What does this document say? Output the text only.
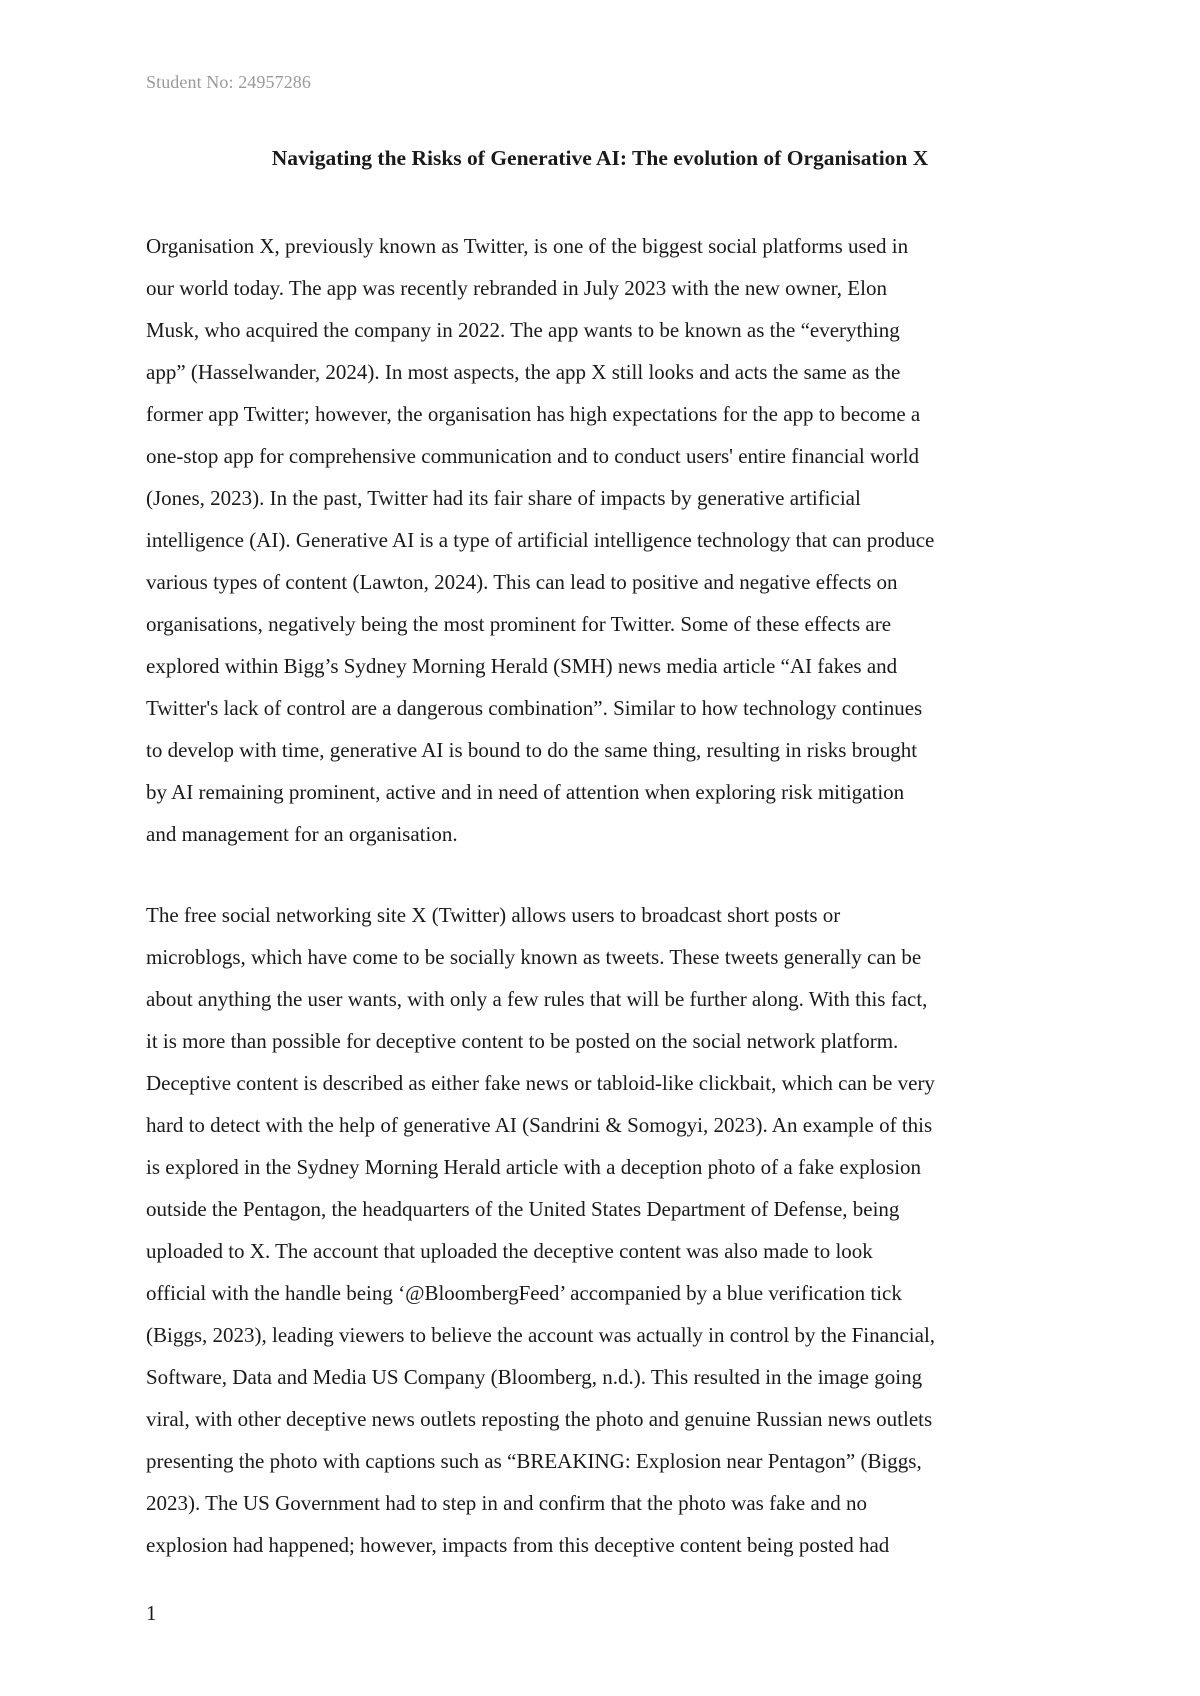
Student No: 24957286
Navigating the Risks of Generative AI: The evolution of Organisation X

Organisation X, previously known as Twitter, is one of the biggest social platforms used in
our world today. The app was recently rebranded in July 2023 with the new owner, Elon
Musk, who acquired the company in 2022. The app wants to be known as the “everything
app” (Hasselwander, 2024). In most aspects, the app X still looks and acts the same as the
former app Twitter; however, the organisation has high expectations for the app to become a
one-stop app for comprehensive communication and to conduct users' entire financial world
(Jones, 2023). In the past, Twitter had its fair share of impacts by generative artificial
intelligence (AI). Generative AI is a type of artificial intelligence technology that can produce
various types of content (Lawton, 2024). This can lead to positive and negative effects on
organisations, negatively being the most prominent for Twitter. Some of these effects are
explored within Bigg’s Sydney Morning Herald (SMH) news media article “AI fakes and
Twitter's lack of control are a dangerous combination”. Similar to how technology continues
to develop with time, generative AI is bound to do the same thing, resulting in risks brought
by AI remaining prominent, active and in need of attention when exploring risk mitigation
and management for an organisation.

The free social networking site X (Twitter) allows users to broadcast short posts or
microblogs, which have come to be socially known as tweets. These tweets generally can be
about anything the user wants, with only a few rules that will be further along. With this fact,
it is more than possible for deceptive content to be posted on the social network platform.
Deceptive content is described as either fake news or tabloid-like clickbait, which can be very
hard to detect with the help of generative AI (Sandrini & Somogyi, 2023). An example of this
is explored in the Sydney Morning Herald article with a deception photo of a fake explosion
outside the Pentagon, the headquarters of the United States Department of Defense, being
uploaded to X. The account that uploaded the deceptive content was also made to look
official with the handle being ‘@BloombergFeed’ accompanied by a blue verification tick
(Biggs, 2023), leading viewers to believe the account was actually in control by the Financial,
Software, Data and Media US Company (Bloomberg, n.d.). This resulted in the image going
viral, with other deceptive news outlets reposting the photo and genuine Russian news outlets
presenting the photo with captions such as “BREAKING: Explosion near Pentagon” (Biggs,
2023). The US Government had to step in and confirm that the photo was fake and no
explosion had happened; however, impacts from this deceptive content being posted had

1
